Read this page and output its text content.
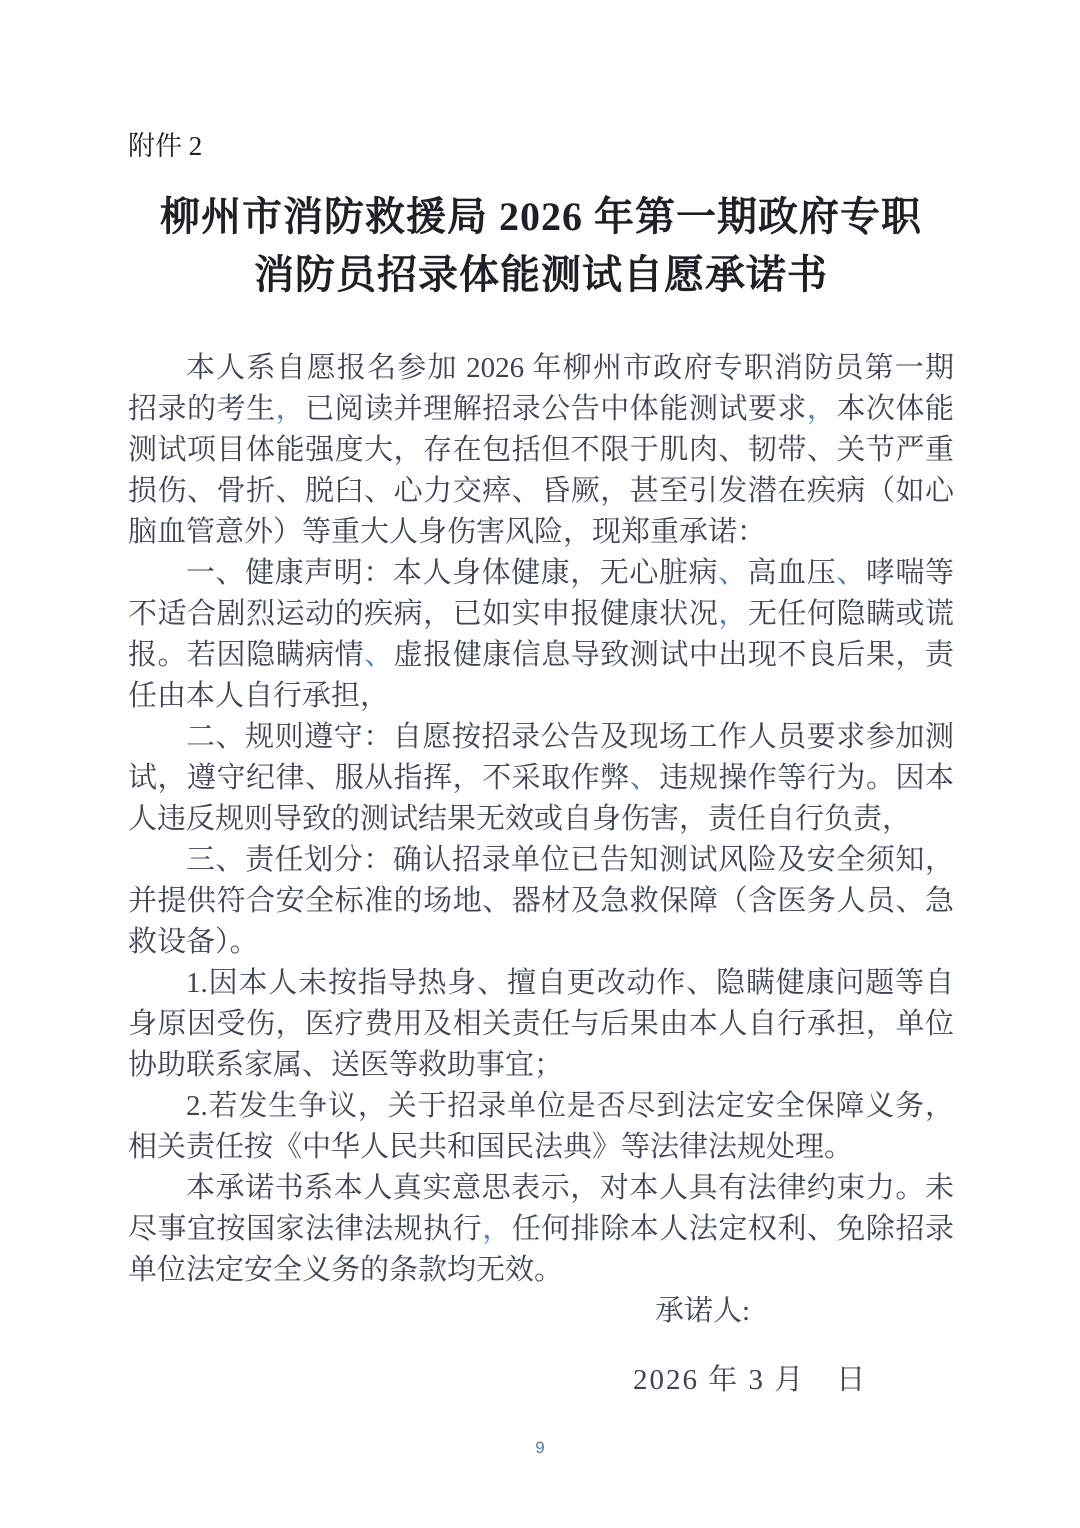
附件 2
柳州市消防救援局 2026 年第一期政府专职
消防员招录体能测试自愿承诺书

本人系自愿报名参加 2026 年柳州市政府专职消防员第一期招录的考生，已阅读并理解招录公告中体能测试要求，本次体能测试项目体能强度大，存在包括但不限于肌肉、韧带、关节严重损伤、骨折、脱臼、心力交瘁、昏厥，甚至引发潜在疾病（如心脑血管意外）等重大人身伤害风险，现郑重承诺：

一、健康声明：本人身体健康，无心脏病、高血压、哮喘等不适合剧烈运动的疾病，已如实申报健康状况，无任何隐瞒或谎报。若因隐瞒病情、虚报健康信息导致测试中出现不良后果，责任由本人自行承担，

二、规则遵守：自愿按招录公告及现场工作人员要求参加测试，遵守纪律、服从指挥，不采取作弊、违规操作等行为。因本人违反规则导致的测试结果无效或自身伤害，责任自行负责，

三、责任划分：确认招录单位已告知测试风险及安全须知，并提供符合安全标准的场地、器材及急救保障（含医务人员、急救设备）。

1.因本人未按指导热身、擅自更改动作、隐瞒健康问题等自身原因受伤，医疗费用及相关责任与后果由本人自行承担，单位协助联系家属、送医等救助事宜；

2.若发生争议，关于招录单位是否尽到法定安全保障义务，相关责任按《中华人民共和国民法典》等法律法规处理。

本承诺书系本人真实意思表示，对本人具有法律约束力。未尽事宜按国家法律法规执行，任何排除本人法定权利、免除招录单位法定安全义务的条款均无效。

承诺人:
2026 年 3 月　日
9
